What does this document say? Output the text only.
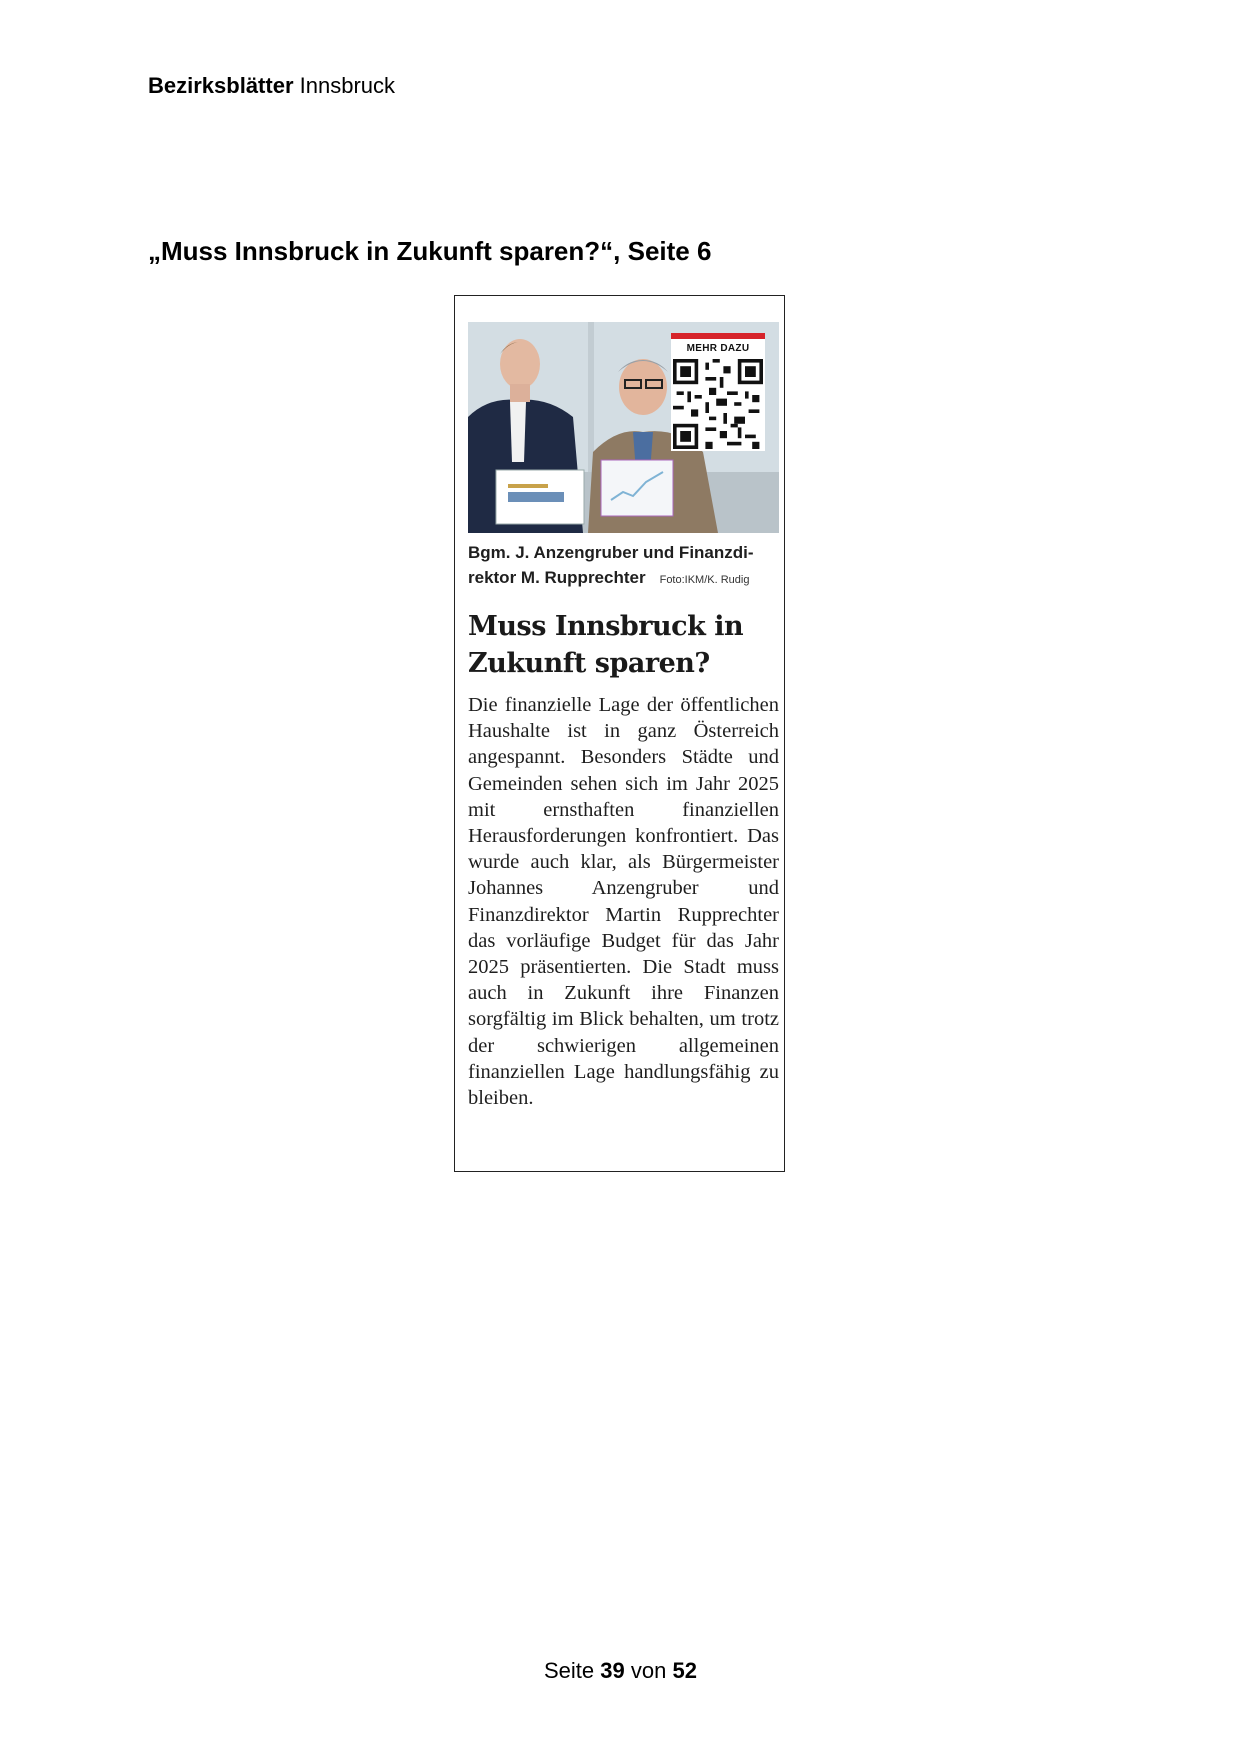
Bezirksblätter Innsbruck
„Muss Innsbruck in Zukunft sparen?“, Seite 6
MEHR DAZU
Bgm. J. Anzengruber und Finanzdi-rektor M. Rupprechter Foto:IKM/K. Rudig
Muss Innsbruck in Zukunft sparen?
Die finanzielle Lage der öffentlichen Haushalte ist in ganz Österreich angespannt. Besonders Städte und Gemeinden sehen sich im Jahr 2025 mit ernsthaften finanziellen Herausforderungen konfrontiert. Das wurde auch klar, als Bürgermeister Johannes Anzengruber und Finanzdirektor Martin Rupprechter das vorläufige Budget für das Jahr 2025 präsentierten. Die Stadt muss auch in Zukunft ihre Finanzen sorgfältig im Blick behalten, um trotz der schwierigen allgemeinen finanziellen Lage handlungsfähig zu bleiben.
Seite 39 von 52
